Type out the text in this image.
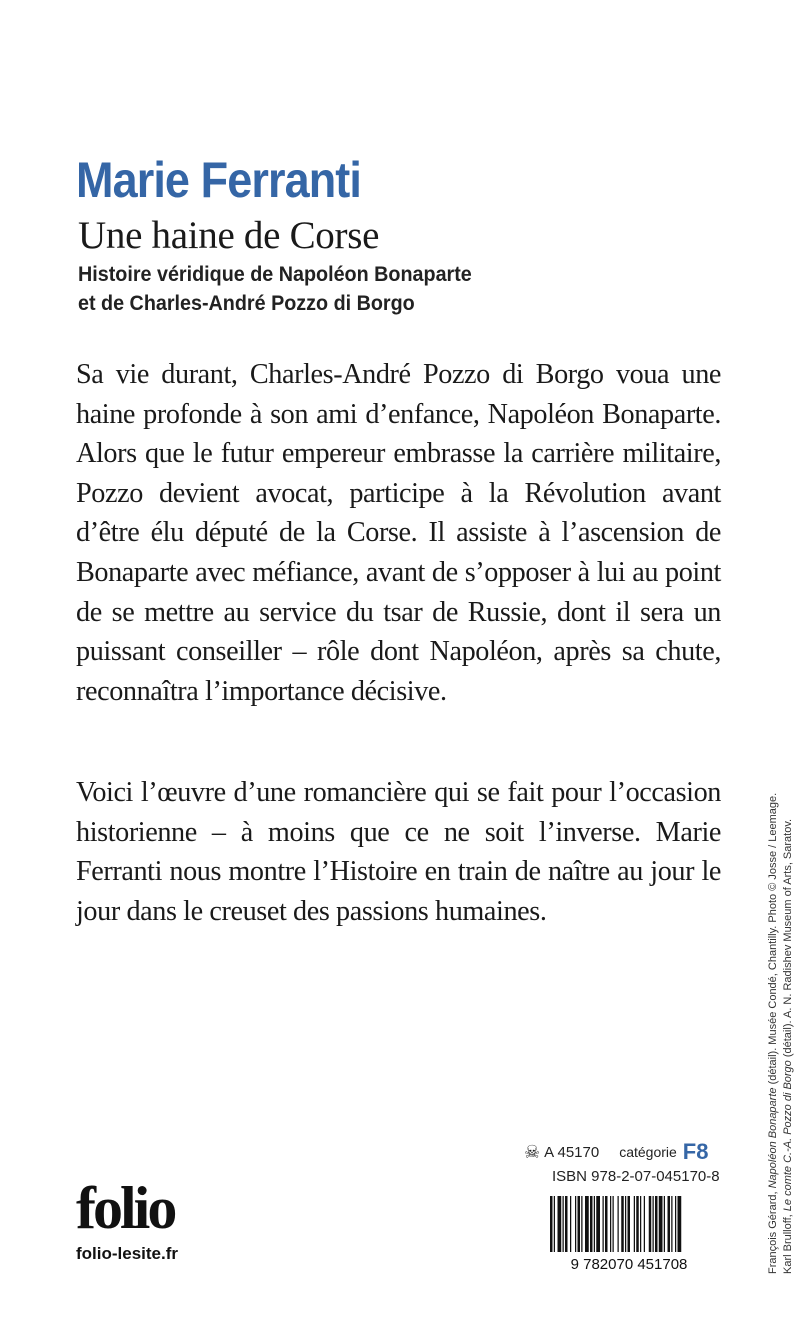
Marie Ferranti
Une haine de Corse
Histoire véridique de Napoléon Bonaparte
et de Charles-André Pozzo di Borgo
Sa vie durant, Charles-André Pozzo di Borgo voua une haine profonde à son ami d’enfance, Napoléon Bonaparte. Alors que le futur empereur embrasse la carrière militaire, Pozzo devient avocat, participe à la Révolution avant d’être élu député de la Corse. Il assiste à l’ascension de Bonaparte avec méfiance, avant de s’opposer à lui au point de se mettre au service du tsar de Russie, dont il sera un puissant conseiller – rôle dont Napoléon, après sa chute, reconnaîtra l’importance décisive.
Voici l’œuvre d’une romancière qui se fait pour l’occasion historienne – à moins que ce ne soit l’inverse. Marie Ferranti nous montre l’Histoire en train de naître au jour le jour dans le creuset des passions humaines.
François Gérard, Napoléon Bonaparte (détail). Musée Condé, Chantilly. Photo © Josse / Leemage.
Karl Brulloff, Le comte C.-A. Pozzo di Borgo (détail). A. N. Radishev Museum of Arts, Saratov.
☠ A 45170 catégorie F8
ISBN 978-2-07-045170-8
9 782070 451708
folio
folio-lesite.fr
